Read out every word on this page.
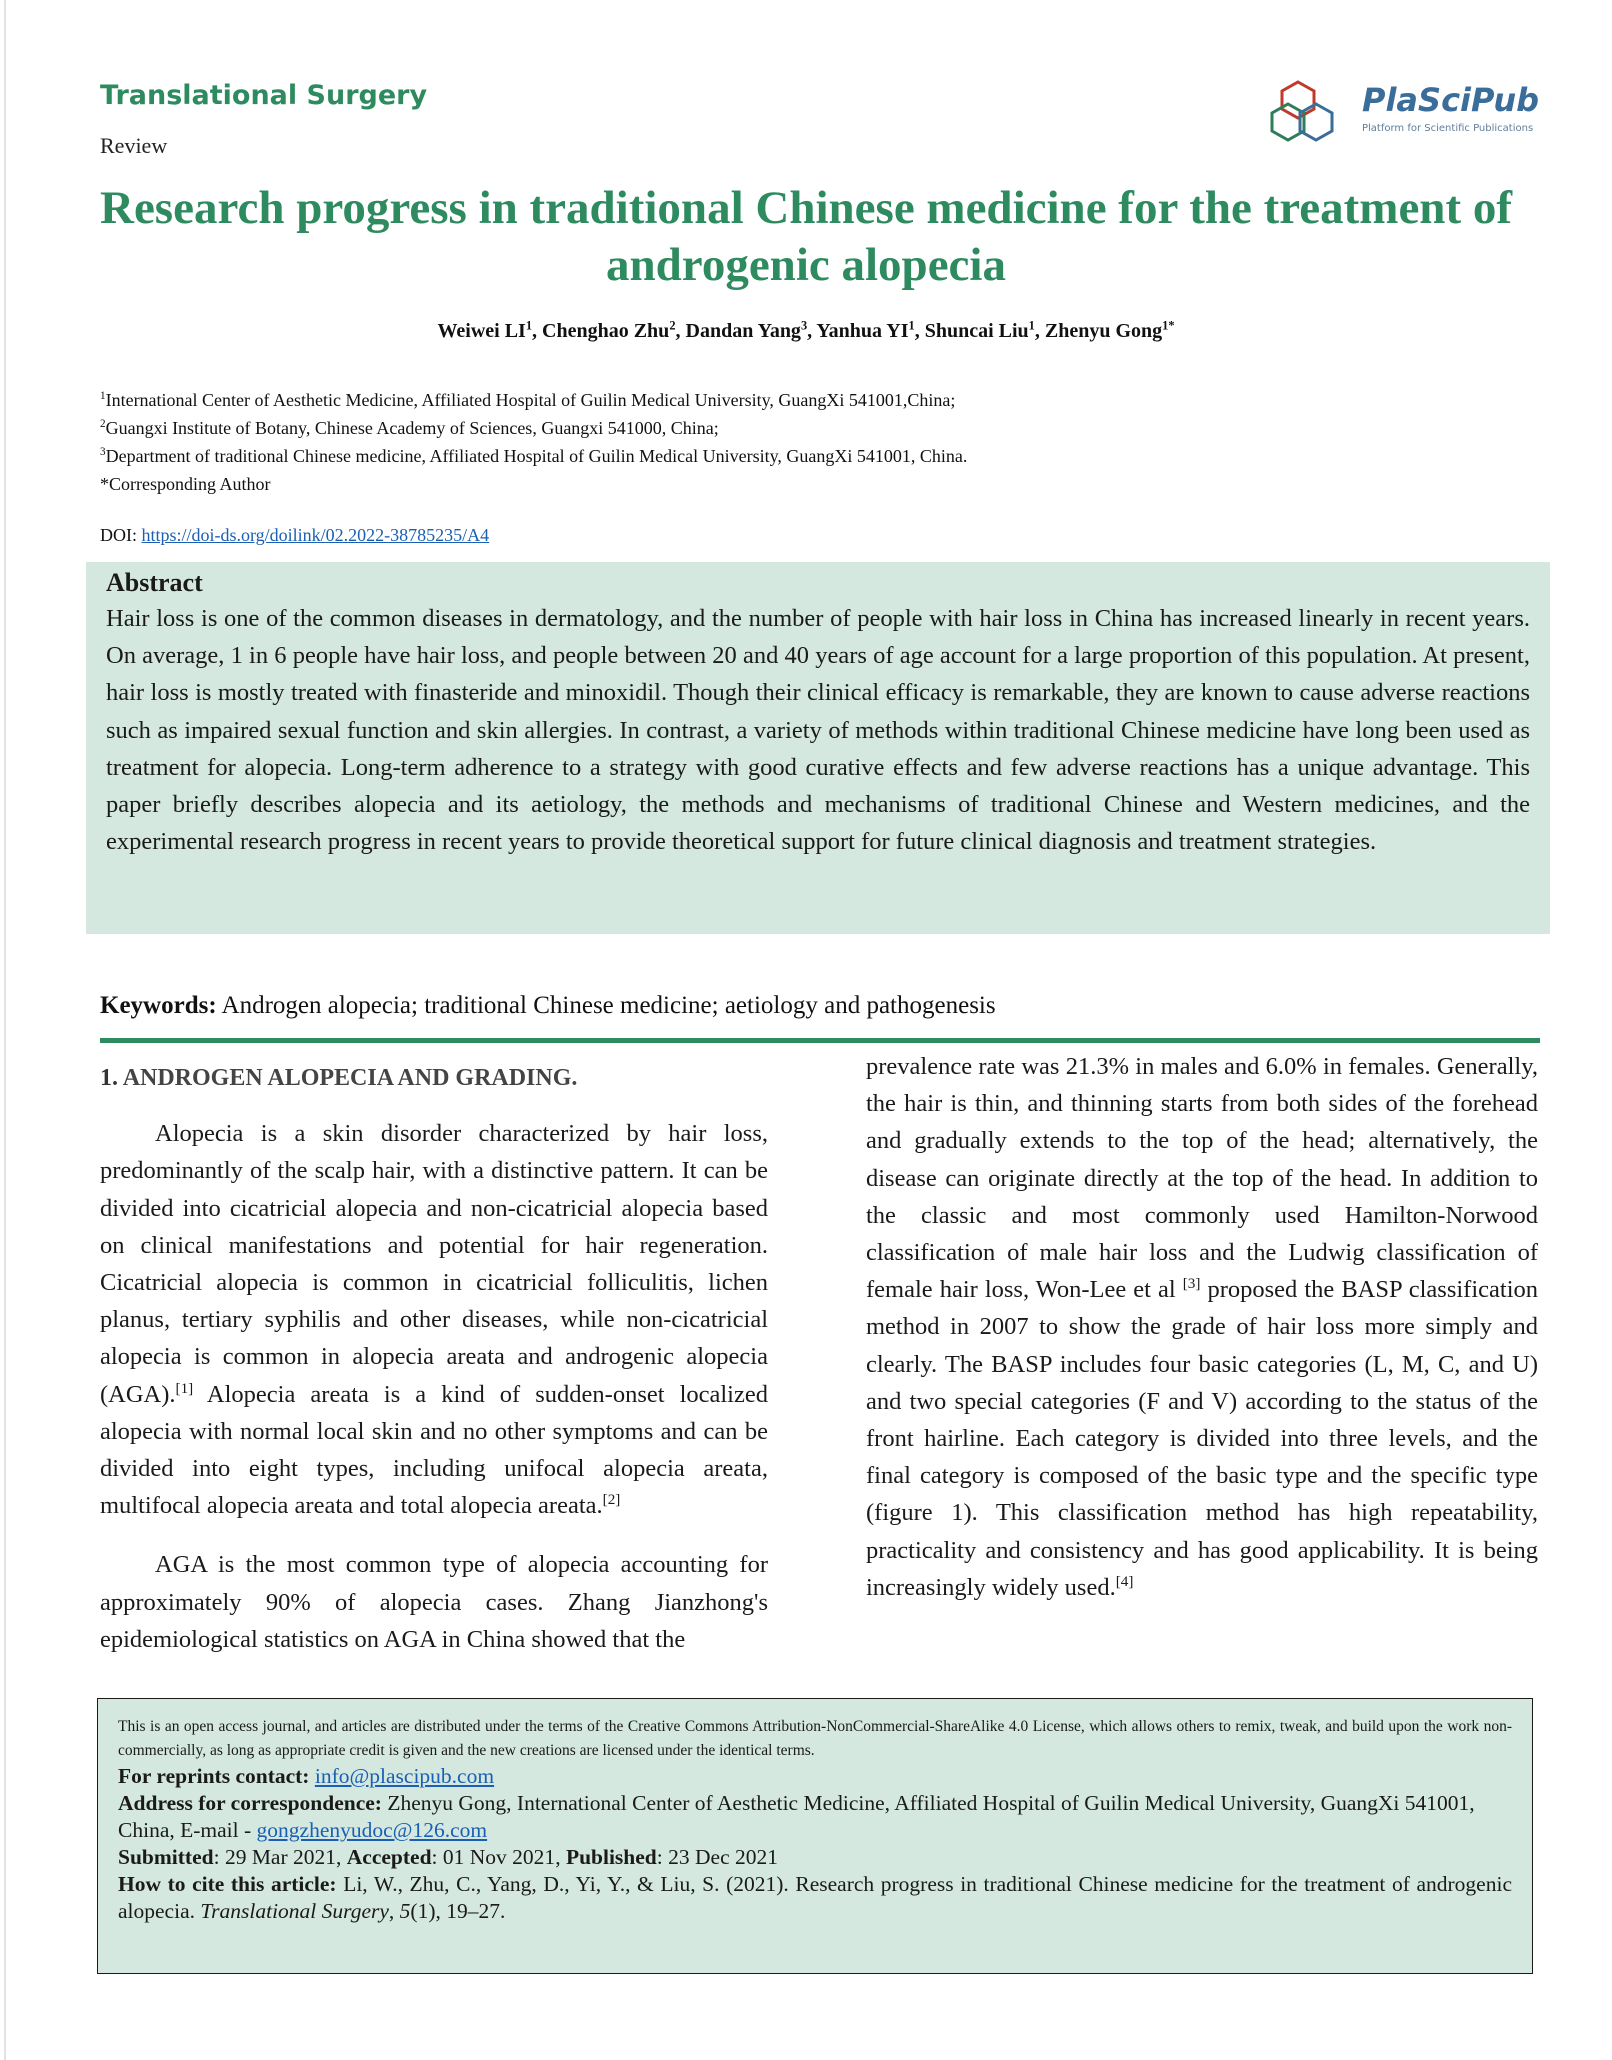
Translational Surgery
Review
PlaSciPub
Platform for Scientific Publications
Research progress in traditional Chinese medicine for the treatment of androgenic alopecia
Weiwei $LI^1$, Chenghao Zhu$^2$, Dandan Yang$^3$, Yanhua $YI^1$, Shuncai Liu$^1$, Zhenyu Gong$^{1*}$
$^1$International Center of Aesthetic Medicine, Affiliated Hospital of Guilin Medical University, GuangXi 541001,China;
$^2$Guangxi Institute of Botany, Chinese Academy of Sciences, Guangxi 541000, China;
$^3$Department of traditional Chinese medicine, Affiliated Hospital of Guilin Medical University, GuangXi 541001, China.
*Corresponding Author
DOI: https://doi-ds.org/doilink/02.2022-38785235/A4
Abstract
Hair loss is one of the common diseases in dermatology, and the number of people with hair loss in China has increased linearly in recent years. On average, 1 in 6 people have hair loss, and people between 20 and 40 years of age account for a large proportion of this population. At present, hair loss is mostly treated with finasteride and minoxidil. Though their clinical efficacy is remarkable, they are known to cause adverse reactions such as impaired sexual function and skin allergies. In contrast, a variety of methods within traditional Chinese medicine have long been used as treatment for alopecia. Long-term adherence to a strategy with good curative effects and few adverse reactions has a unique advantage. This paper briefly describes alopecia and its aetiology, the methods and mechanisms of traditional Chinese and Western medicines, and the experimental research progress in recent years to provide theoretical support for future clinical diagnosis and treatment strategies.
Keywords: Androgen alopecia; traditional Chinese medicine; aetiology and pathogenesis
1. ANDROGEN ALOPECIA AND GRADING.

Alopecia is a skin disorder characterized by hair loss, predominantly of the scalp hair, with a distinctive pattern. It can be divided into cicatricial alopecia and non-cicatricial alopecia based on clinical manifestations and potential for hair regeneration. Cicatricial alopecia is common in cicatricial folliculitis, lichen planus, tertiary syphilis and other diseases, while non-cicatricial alopecia is common in alopecia areata and androgenic alopecia (AGA).[1] Alopecia areata is a kind of sudden-onset localized alopecia with normal local skin and no other symptoms and can be divided into eight types, including unifocal alopecia areata, multifocal alopecia areata and total alopecia areata.[2]

AGA is the most common type of alopecia accounting for approximately 90% of alopecia cases. Zhang Jianzhong's epidemiological statistics on AGA in China showed that the

prevalence rate was 21.3% in males and 6.0% in females. Generally, the hair is thin, and thinning starts from both sides of the forehead and gradually extends to the top of the head; alternatively, the disease can originate directly at the top of the head. In addition to the classic and most commonly used Hamilton-Norwood classification of male hair loss and the Ludwig classification of female hair loss, Won-Lee et al [3] proposed the BASP classification method in 2007 to show the grade of hair loss more simply and clearly. The BASP includes four basic categories (L, M, C, and U) and two special categories (F and V) according to the status of the front hairline. Each category is divided into three levels, and the final category is composed of the basic type and the specific type (figure 1). This classification method has high repeatability, practicality and consistency and has good applicability. It is being increasingly widely used.[4]
This is an open access journal, and articles are distributed under the terms of the Creative Commons Attribution-NonCommercial-ShareAlike 4.0 License, which allows others to remix, tweak, and build upon the work non-commercially, as long as appropriate credit is given and the new creations are licensed under the identical terms.
For reprints contact: info@plascipub.com
Address for correspondence: Zhenyu Gong, International Center of Aesthetic Medicine, Affiliated Hospital of Guilin Medical University, GuangXi 541001, China, E-mail - gongzhenyudoc@126.com
Submitted: 29 Mar 2021, Accepted: 01 Nov 2021, Published: 23 Dec 2021
How to cite this article: Li, W., Zhu, C., Yang, D., Yi, Y., & Liu, S. (2021). Research progress in traditional Chinese medicine for the treatment of androgenic alopecia. Translational Surgery, 5(1), 19–27.
